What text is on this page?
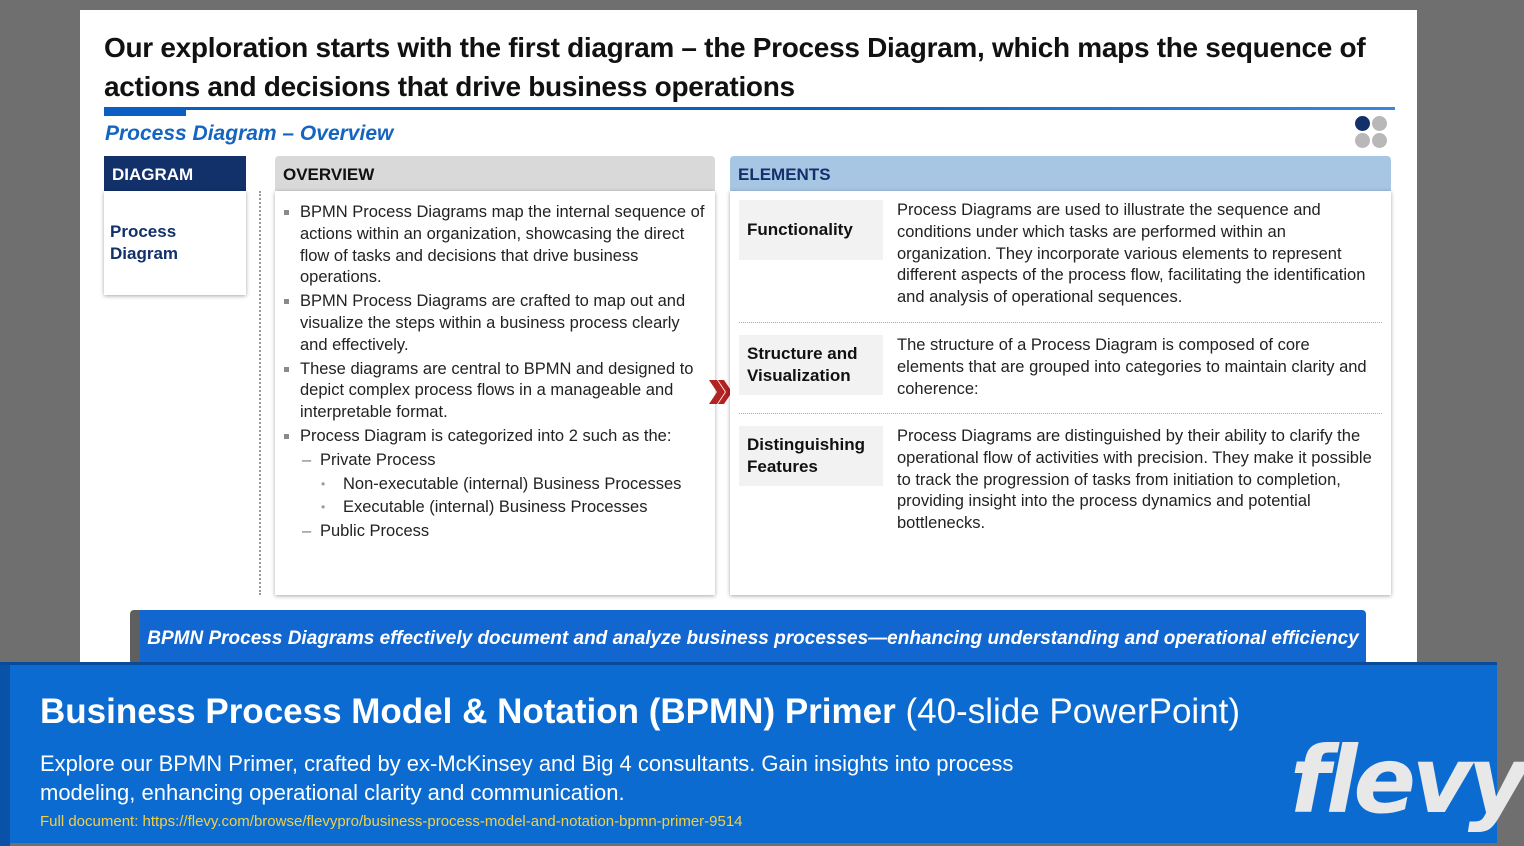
Our exploration starts with the first diagram – the Process Diagram, which maps the sequence of actions and decisions that drive business operations
Process Diagram – Overview
DIAGRAM
Process
Diagram
OVERVIEW
BPMN Process Diagrams map the internal sequence of actions within an organization, showcasing the direct flow of tasks and decisions that drive business operations.
BPMN Process Diagrams are crafted to map out and visualize the steps within a business process clearly and effectively.
These diagrams are central to BPMN and designed to depict complex process flows in a manageable and interpretable format.
Process Diagram is categorized into 2 such as the:
– Private Process
• Non-executable (internal) Business Processes
• Executable (internal) Business Processes
– Public Process
ELEMENTS
Functionality
Process Diagrams are used to illustrate the sequence and conditions under which tasks are performed within an organization. They incorporate various elements to represent different aspects of the process flow, facilitating the identification and analysis of operational sequences.
Structure and
Visualization
The structure of a Process Diagram is composed of core elements that are grouped into categories to maintain clarity and coherence:
Distinguishing
Features
Process Diagrams are distinguished by their ability to clarify the operational flow of activities with precision. They make it possible to track the progression of tasks from initiation to completion, providing insight into the process dynamics and potential bottlenecks.
BPMN Process Diagrams effectively document and analyze business processes—enhancing understanding and operational efficiency
Business Process Model & Notation (BPMN) Primer (40-slide PowerPoint)
Explore our BPMN Primer, crafted by ex-McKinsey and Big 4 consultants. Gain insights into process modeling, enhancing operational clarity and communication.
Full document: https://flevy.com/browse/flevypro/business-process-model-and-notation-bpmn-primer-9514	flevy
